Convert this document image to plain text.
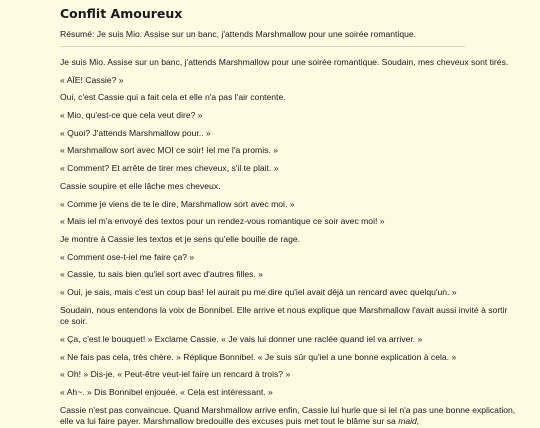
Conflit Amoureux

Résumé: Je suis Mio. Assise sur un banc, j'attends Marshmallow pour une soirée romantique.

Je suis Mio. Assise sur un banc, j'attends Marshmallow pour une soirée romantique. Soudain, mes cheveux sont tirés.

« AÏE! Cassie? »

Oui, c'est Cassie qui a fait cela et elle n'a pas l'air contente.

« Mio, qu'est-ce que cela veut dire? »

« Quoi? J'attends Marshmallow pour.. »

« Marshmallow sort avec MOI ce soir! Iel me l'a promis. »

« Comment? Et arrête de tirer mes cheveux, s'il te plait. »

Cassie soupire et elle lâche mes cheveux.

« Comme je viens de te le dire, Marshmallow sort avec moi. »

« Mais iel m'a envoyé des textos pour un rendez-vous romantique ce soir avec moi! »

Je montre à Cassie les textos et je sens qu'elle bouille de rage.

« Comment ose-t-iel me faire ça? »

« Cassie, tu sais bien qu'iel sort avec d'autres filles. »

« Oui, je sais, mais c'est un coup bas! Iel aurait pu me dire qu'iel avait déjà un rencard avec quelqu'un. »

Soudain, nous entendons la voix de Bonnibel. Elle arrive et nous explique que Marshmallow l'avait aussi invité à sortir ce soir.

« Ça, c'est le bouquet! » Exclame Cassie. « Je vais lui donner une raclée quand iel va arriver. »

« Ne fais pas cela, très chère. » Réplique Bonnibel. « Je suis sûr qu'iel a une bonne explication à cela. »

« Oh! » Dis-je. « Peut-être veut-iel faire un rencard à trois? »

« Ah~. » Dis Bonnibel enjouée. « Cela est intéressant. »

Cassie n'est pas convaincue. Quand Marshmallow arrive enfin, Cassie lui hurle que si iel n'a pas une bonne explication, elle va lui faire payer. Marshmallow bredouille des excuses puis met tout le blâme sur sa maid,
